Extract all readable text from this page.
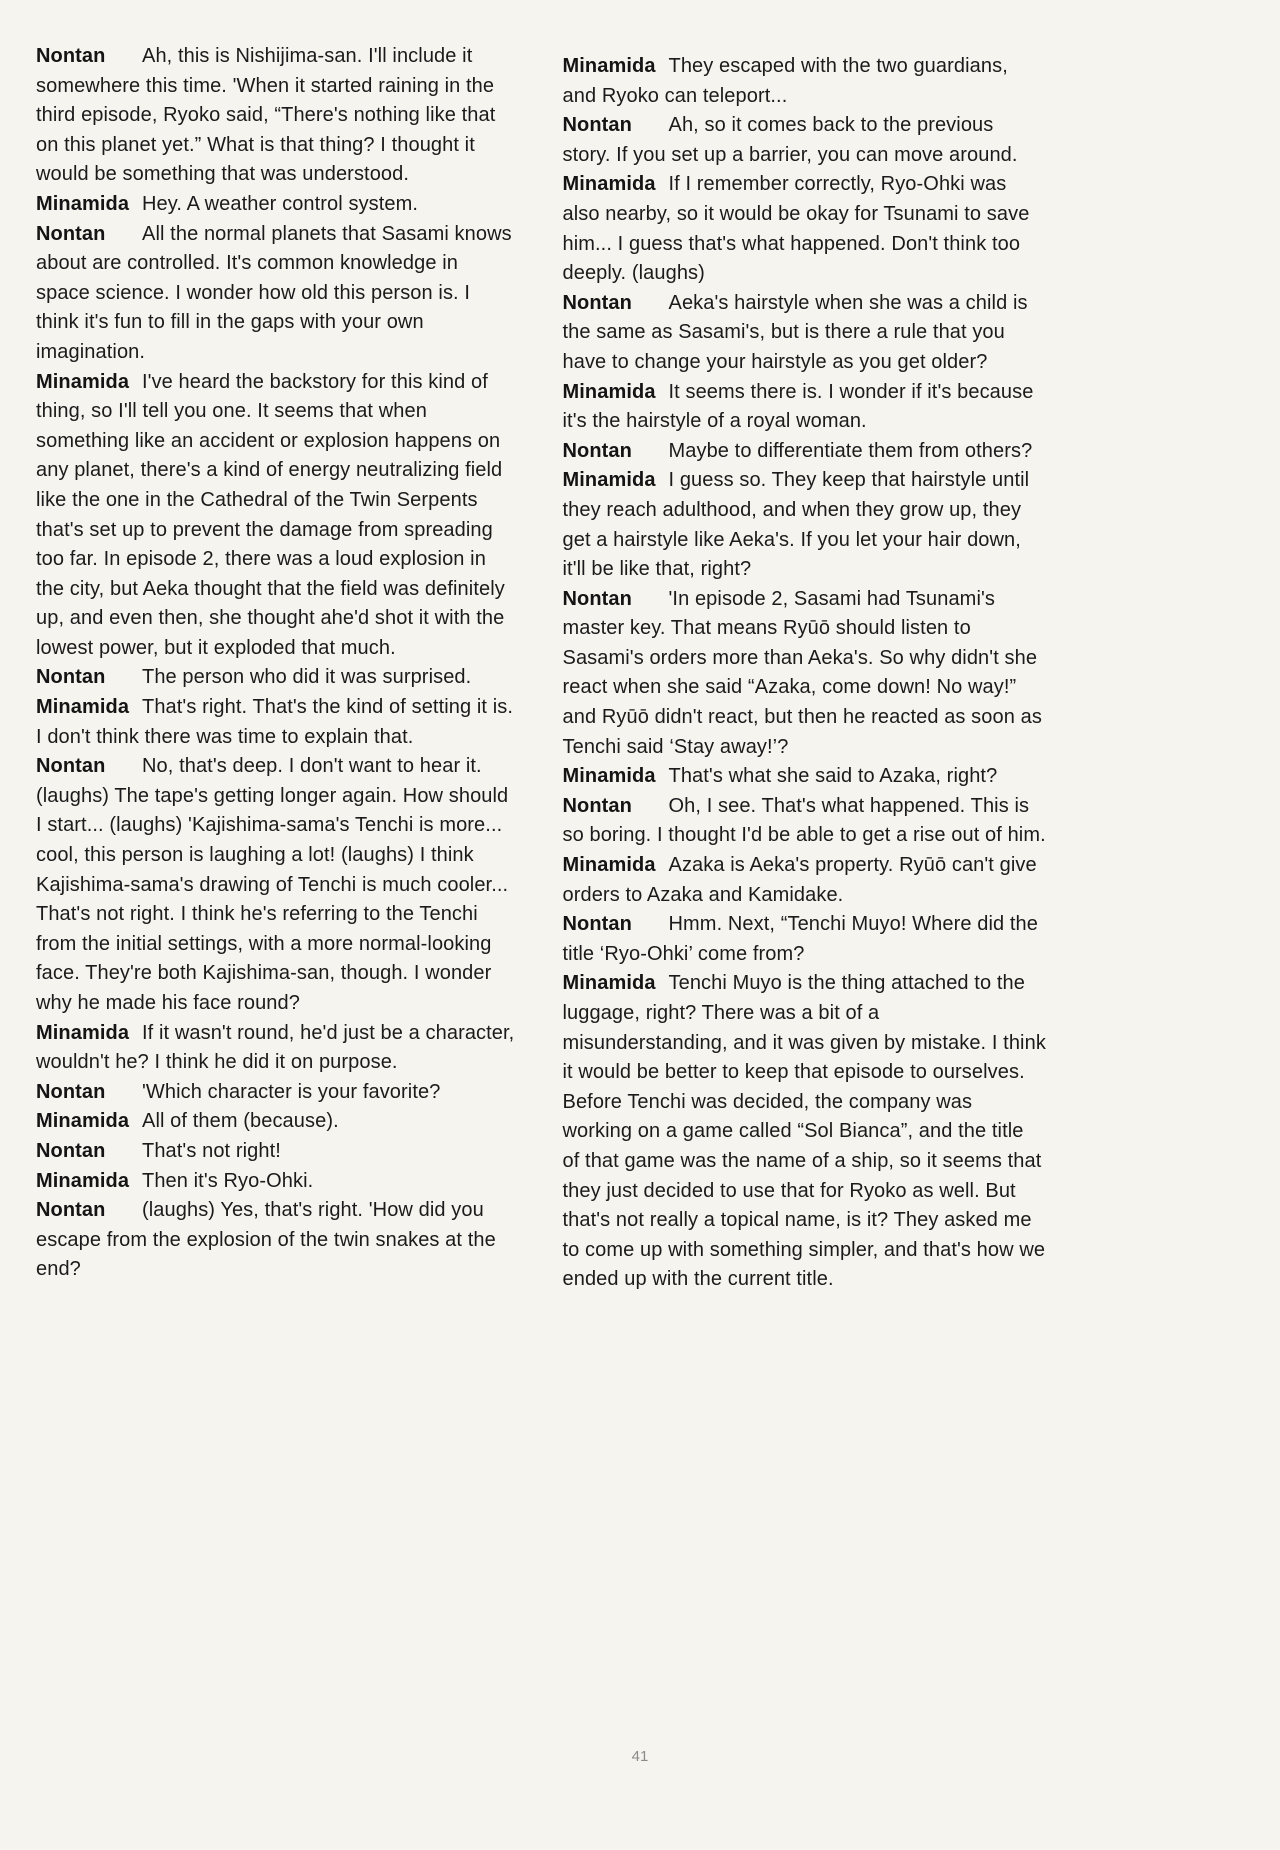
Nontan Ah, this is Nishijima-san. I'll include it somewhere this time. 'When it started raining in the third episode, Ryoko said, “There's nothing like that on this planet yet.” What is that thing? I thought it would be something that was understood.

Minamida Hey. A weather control system.

Nontan All the normal planets that Sasami knows about are controlled. It's common knowledge in space science. I wonder how old this person is. I think it's fun to fill in the gaps with your own imagination.

Minamida I've heard the backstory for this kind of thing, so I'll tell you one. It seems that when something like an accident or explosion happens on any planet, there's a kind of energy neutralizing field like the one in the Cathedral of the Twin Serpents that's set up to prevent the damage from spreading too far. In episode 2, there was a loud explosion in the city, but Aeka thought that the field was definitely up, and even then, she thought ahe'd shot it with the lowest power, but it exploded that much.

Nontan The person who did it was surprised.

Minamida That's right. That's the kind of setting it is. I don't think there was time to explain that.

Nontan No, that's deep. I don't want to hear it. (laughs) The tape's getting longer again. How should I start... (laughs) 'Kajishima-sama's Tenchi is more... cool, this person is laughing a lot! (laughs) I think Kajishima-sama's drawing of Tenchi is much cooler... That's not right. I think he's referring to the Tenchi from the initial settings, with a more normal-looking face. They're both Kajishima-san, though. I wonder why he made his face round?

Minamida If it wasn't round, he'd just be a character, wouldn't he? I think he did it on purpose.

Nontan 'Which character is your favorite?

Minamida All of them (because).

Nontan That's not right!

Minamida Then it's Ryo-Ohki.

Nontan (laughs) Yes, that's right. 'How did you escape from the explosion of the twin snakes at the end?

Minamida They escaped with the two guardians, and Ryoko can teleport...

Nontan Ah, so it comes back to the previous story. If you set up a barrier, you can move around.

Minamida If I remember correctly, Ryo-Ohki was also nearby, so it would be okay for Tsunami to save him... I guess that's what happened. Don't think too deeply. (laughs)

Nontan Aeka's hairstyle when she was a child is the same as Sasami's, but is there a rule that you have to change your hairstyle as you get older?

Minamida It seems there is. I wonder if it's because it's the hairstyle of a royal woman.

Nontan Maybe to differentiate them from others?

Minamida I guess so. They keep that hairstyle until they reach adulthood, and when they grow up, they get a hairstyle like Aeka's. If you let your hair down, it'll be like that, right?

Nontan 'In episode 2, Sasami had Tsunami's master key. That means Ryūō should listen to Sasami's orders more than Aeka's. So why didn't she react when she said “Azaka, come down! No way!” and Ryūō didn't react, but then he reacted as soon as Tenchi said ‘Stay away!’?

Minamida That's what she said to Azaka, right?

Nontan Oh, I see. That's what happened. This is so boring. I thought I'd be able to get a rise out of him.

Minamida Azaka is Aeka's property. Ryūō can't give orders to Azaka and Kamidake.

Nontan Hmm. Next, “Tenchi Muyo! Where did the title ‘Ryo-Ohki’ come from?

Minamida Tenchi Muyo is the thing attached to the luggage, right? There was a bit of a misunderstanding, and it was given by mistake. I think it would be better to keep that episode to ourselves. Before Tenchi was decided, the company was working on a game called “Sol Bianca”, and the title of that game was the name of a ship, so it seems that they just decided to use that for Ryoko as well. But that's not really a topical name, is it? They asked me to come up with something simpler, and that's how we ended up with the current title.

41
